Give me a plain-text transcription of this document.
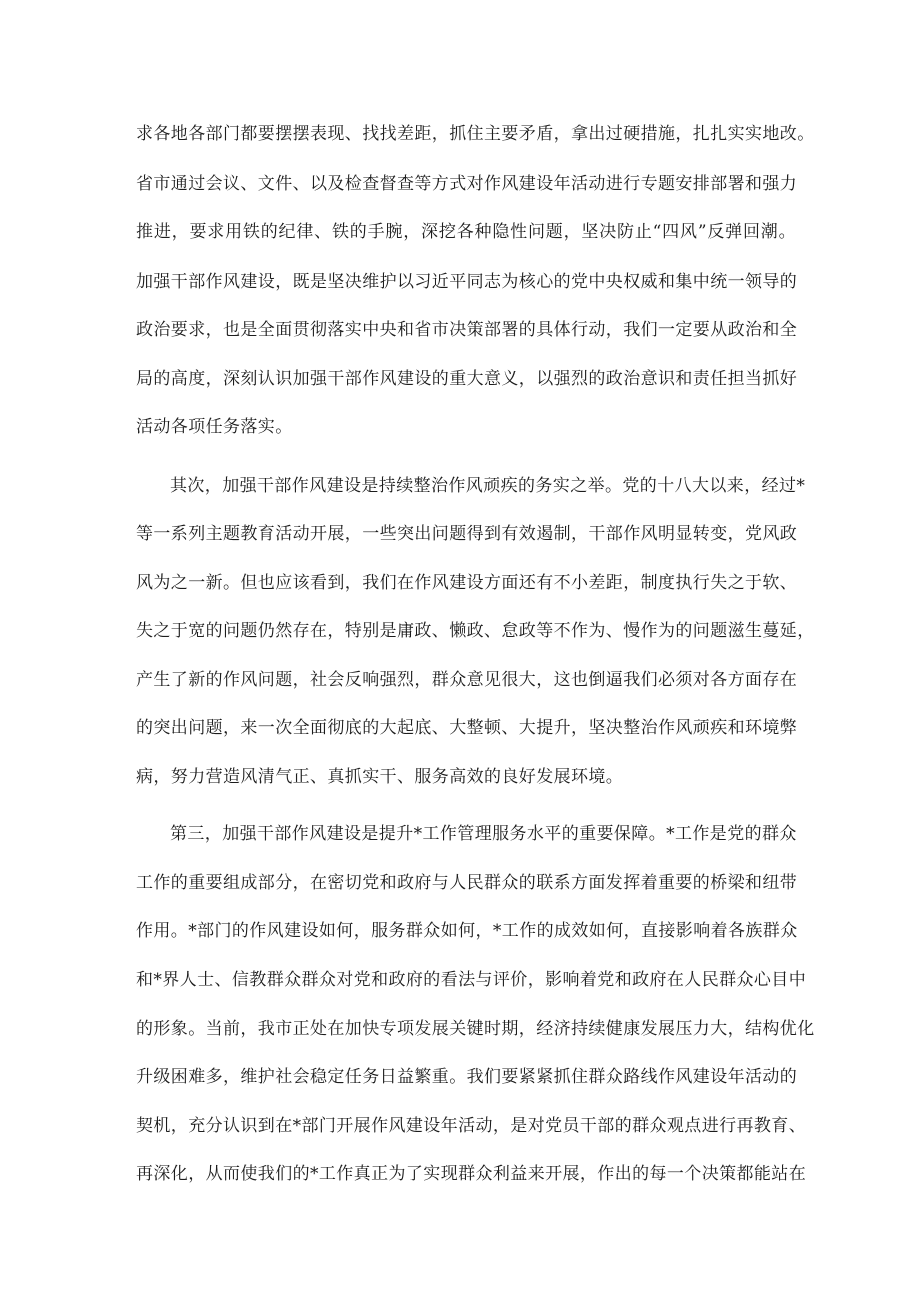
求各地各部门都要摆摆表现、找找差距，抓住主要矛盾，拿出过硬措施，扎扎实实地改。
省市通过会议、文件、以及检查督查等方式对作风建设年活动进行专题安排部署和强力
推进，要求用铁的纪律、铁的手腕，深挖各种隐性问题，坚决防止“四风”反弹回潮。
加强干部作风建设，既是坚决维护以习近平同志为核心的党中央权威和集中统一领导的
政治要求，也是全面贯彻落实中央和省市决策部署的具体行动，我们一定要从政治和全
局的高度，深刻认识加强干部作风建设的重大意义，以强烈的政治意识和责任担当抓好
活动各项任务落实。
其次，加强干部作风建设是持续整治作风顽疾的务实之举。党的十八大以来，经过*
等一系列主题教育活动开展，一些突出问题得到有效遏制，干部作风明显转变，党风政
风为之一新。但也应该看到，我们在作风建设方面还有不小差距，制度执行失之于软、
失之于宽的问题仍然存在，特别是庸政、懒政、怠政等不作为、慢作为的问题滋生蔓延，
产生了新的作风问题，社会反响强烈，群众意见很大，这也倒逼我们必须对各方面存在
的突出问题，来一次全面彻底的大起底、大整顿、大提升，坚决整治作风顽疾和环境弊
病，努力营造风清气正、真抓实干、服务高效的良好发展环境。
第三，加强干部作风建设是提升*工作管理服务水平的重要保障。*工作是党的群众
工作的重要组成部分，在密切党和政府与人民群众的联系方面发挥着重要的桥梁和纽带
作用。*部门的作风建设如何，服务群众如何，*工作的成效如何，直接影响着各族群众
和*界人士、信教群众群众对党和政府的看法与评价，影响着党和政府在人民群众心目中
的形象。当前，我市正处在加快专项发展关键时期，经济持续健康发展压力大，结构优化
升级困难多，维护社会稳定任务日益繁重。我们要紧紧抓住群众路线作风建设年活动的
契机，充分认识到在*部门开展作风建设年活动，是对党员干部的群众观点进行再教育、
再深化，从而使我们的*工作真正为了实现群众利益来开展，作出的每一个决策都能站在
